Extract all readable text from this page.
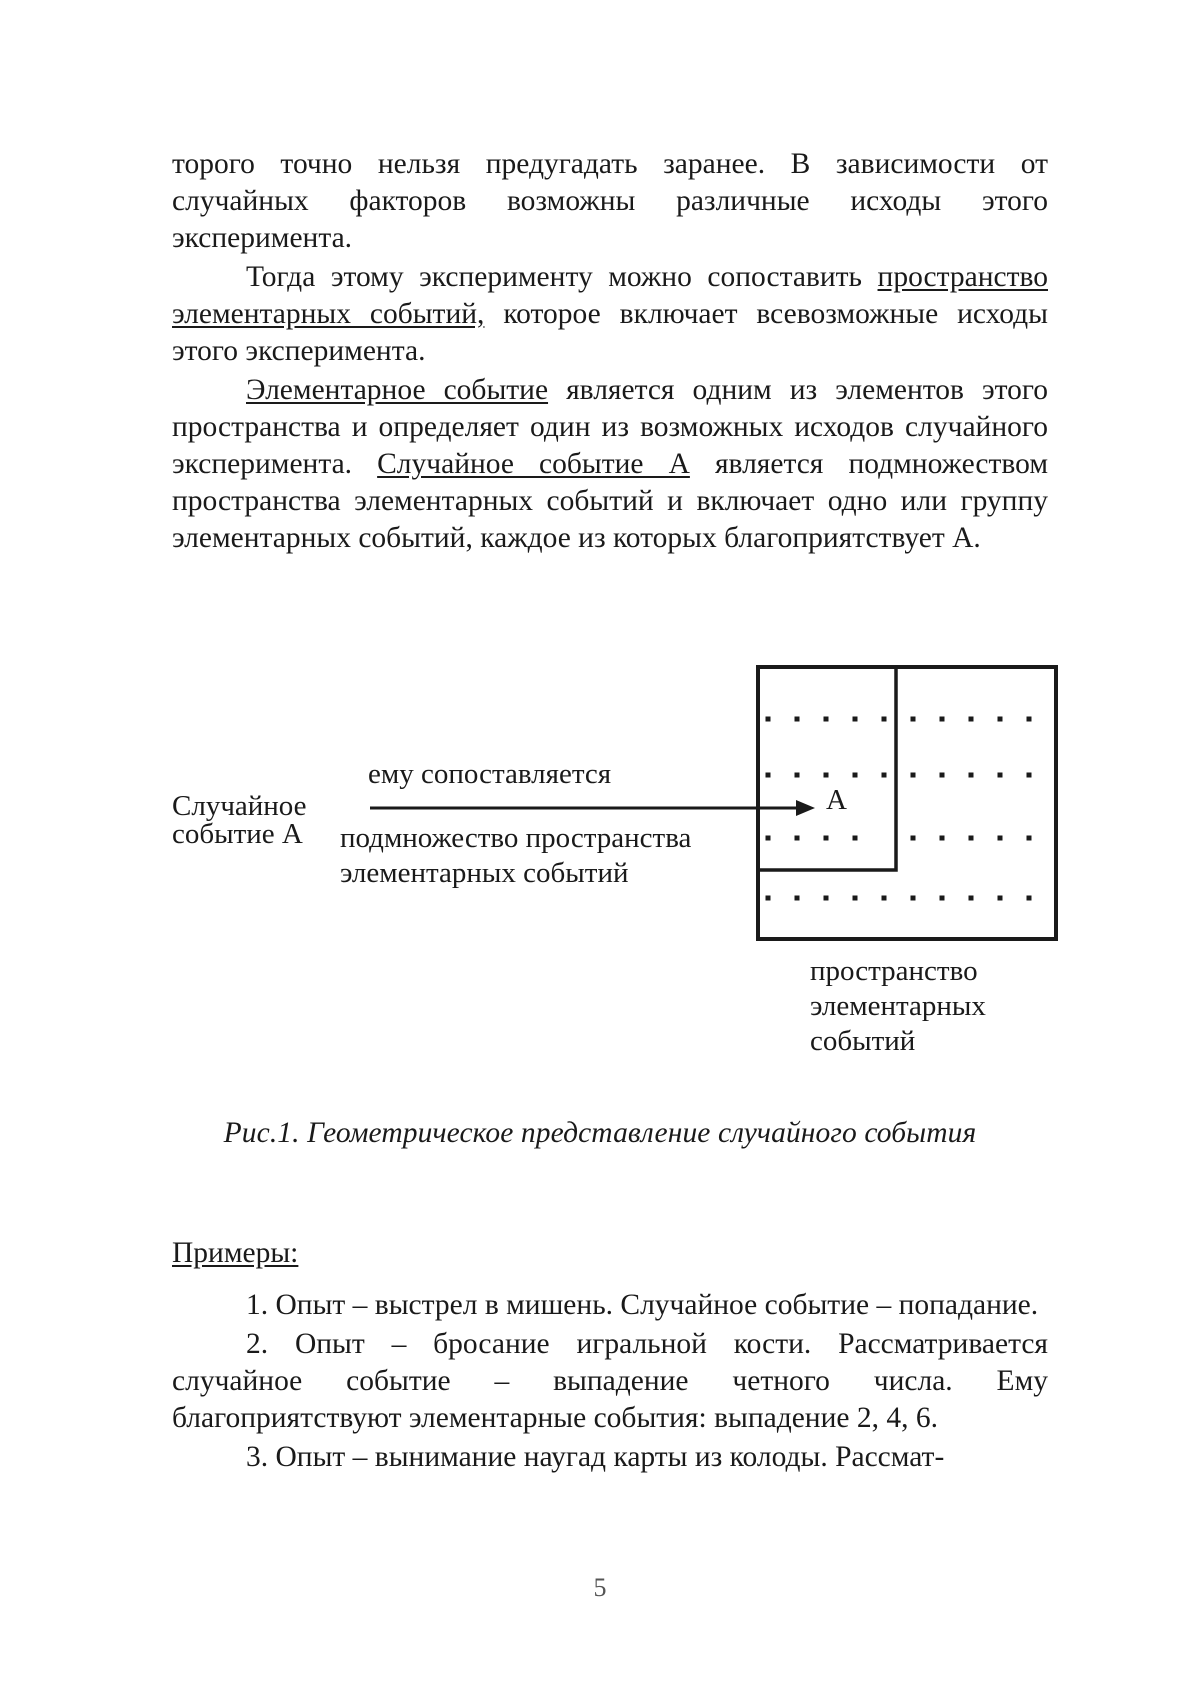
торого точно нельзя предугадать заранее. В зависимости от случайных факторов возможны различные исходы этого эксперимента.

Тогда этому эксперименту можно сопоставить пространство элементарных событий, которое включает всевозможные исходы этого эксперимента.

Элементарное событие является одним из элементов этого пространства и определяет один из возможных исходов случайного эксперимента. Случайное событие А является подмножеством пространства элементарных событий и включает одно или группу элементарных событий, каждое из которых благоприятствует А.

Случайное
событие А
ему сопоставляется
подмножество пространства
элементарных событий
А
пространство
элементарных
событий
Рис.1. Геометрическое представление случайного события
Примеры:

1. Опыт – выстрел в мишень. Случайное событие – попадание.

2. Опыт – бросание игральной кости. Рассматривается случайное событие – выпадение четного числа. Ему благоприятствуют элементарные события: выпадение 2, 4, 6.

3. Опыт – вынимание наугад карты из колоды. Рассмат-

5
